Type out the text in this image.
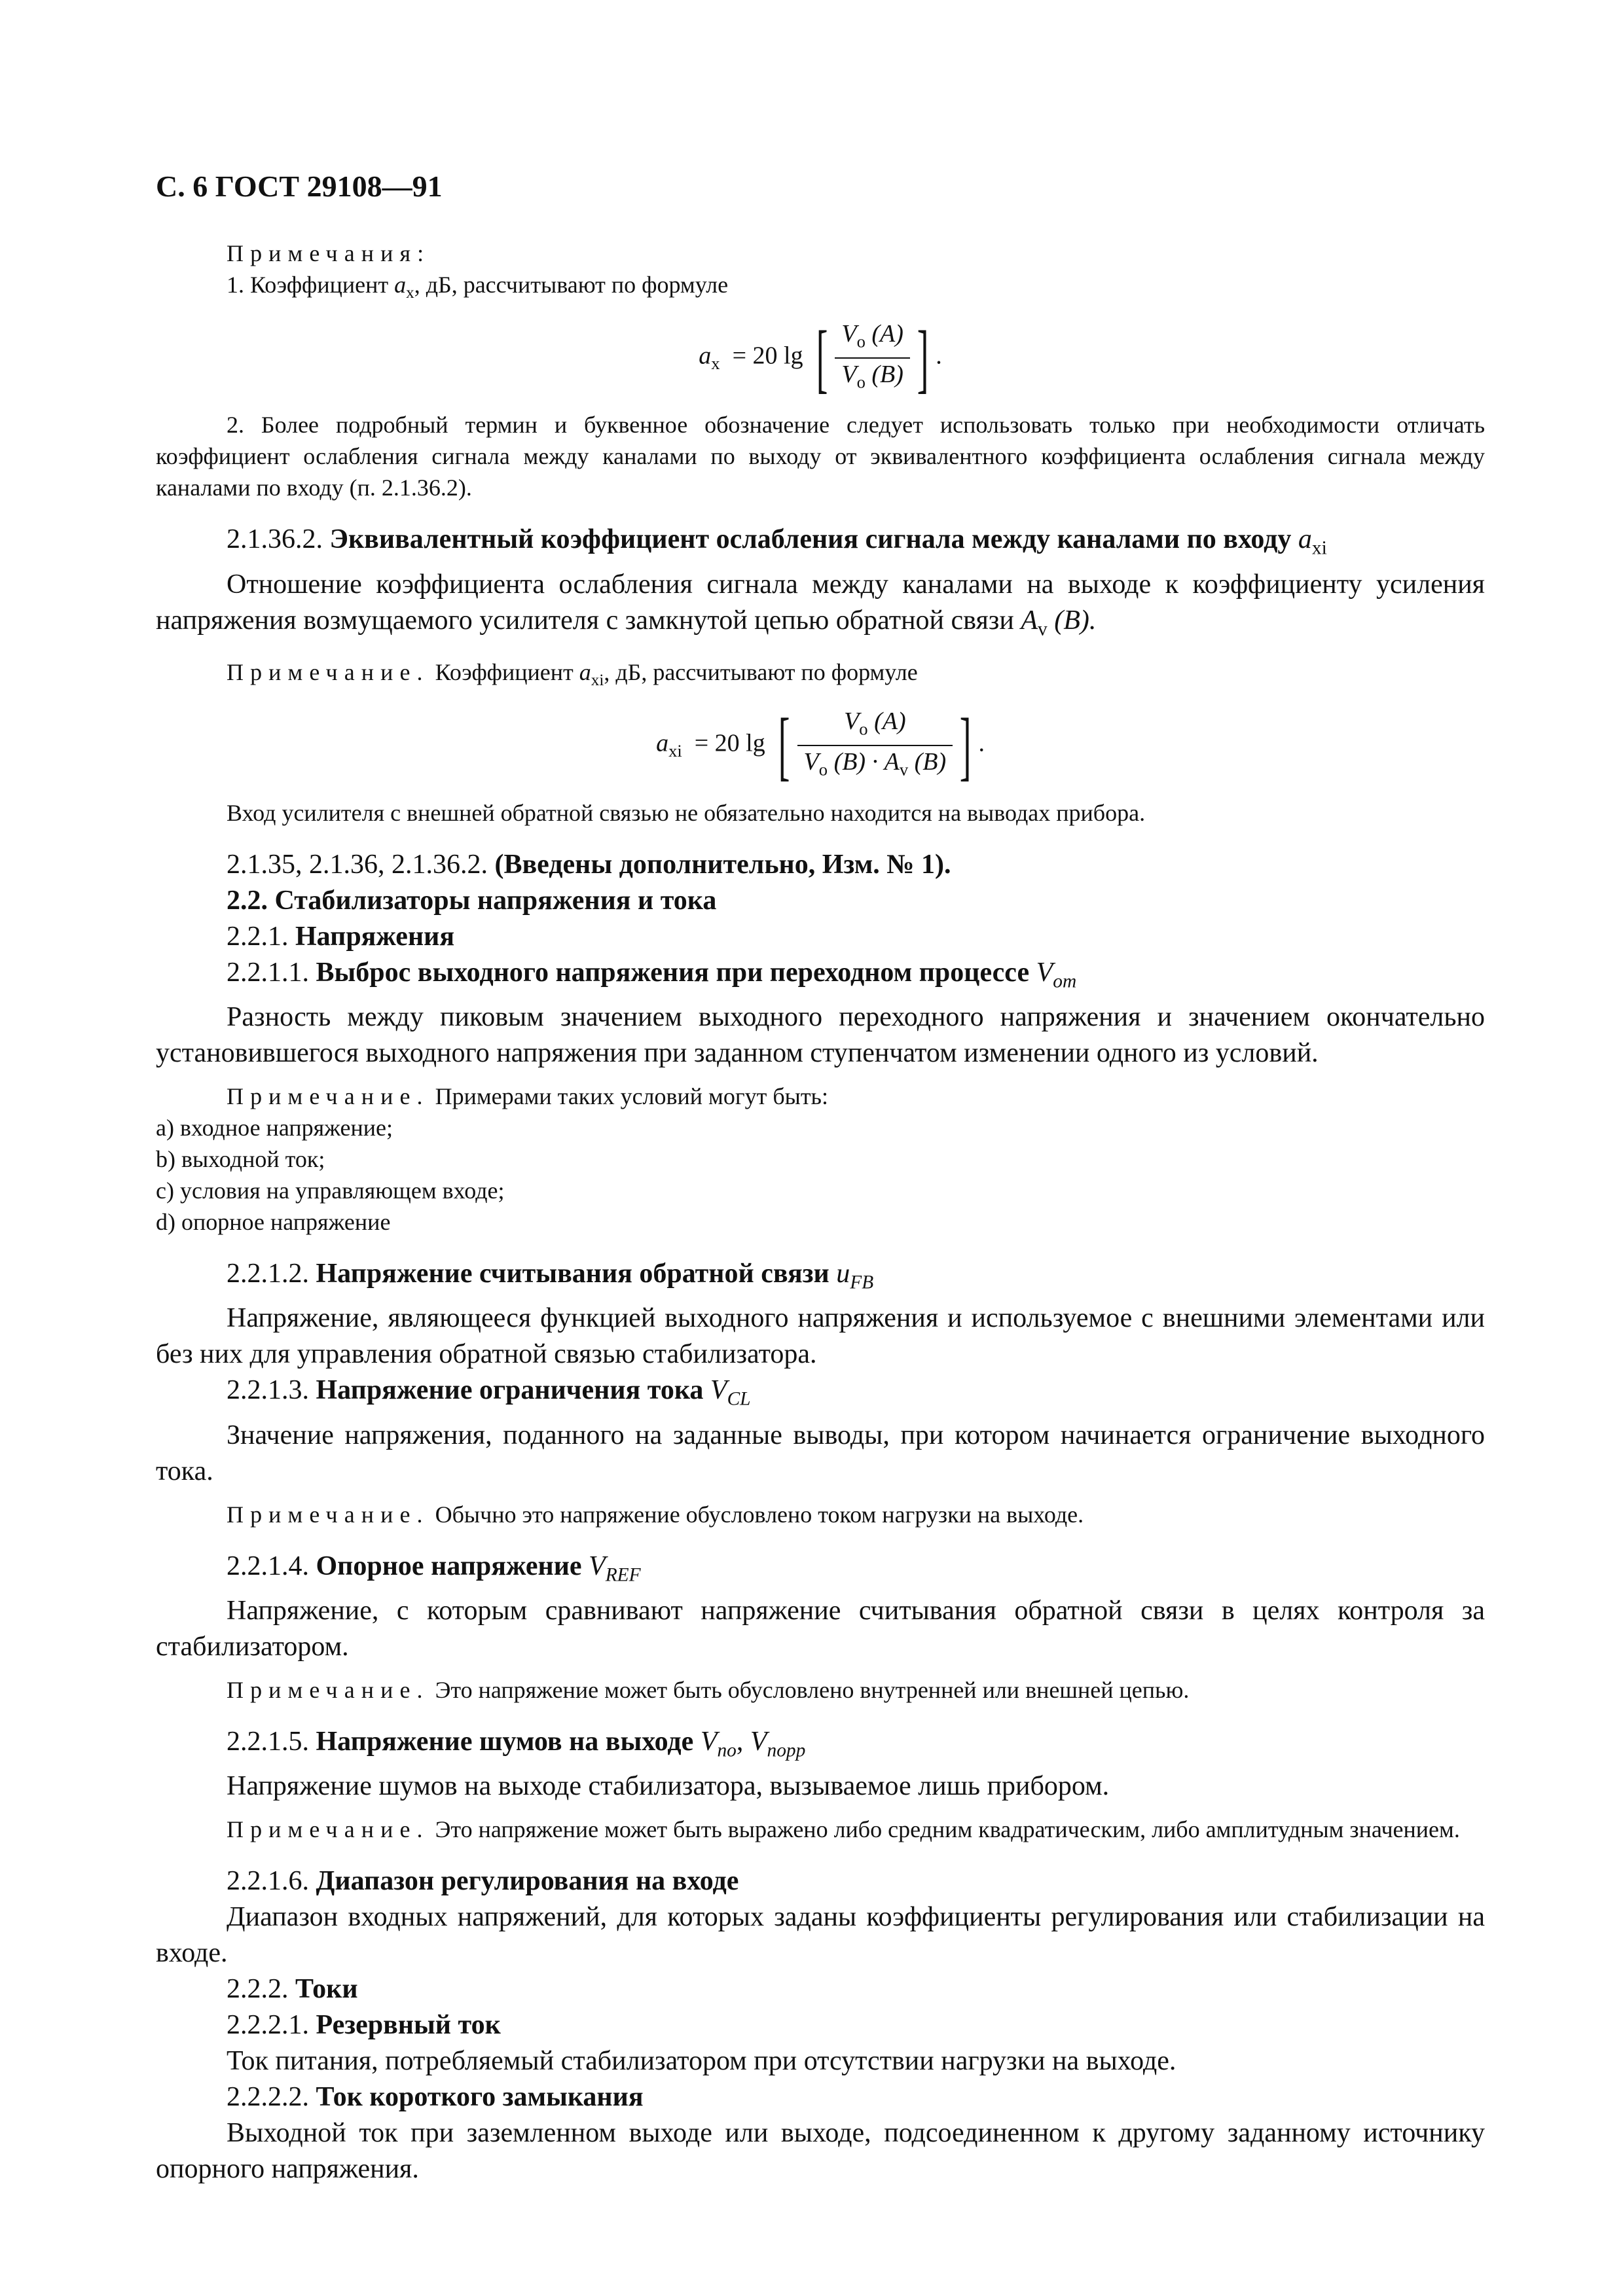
С. 6 ГОСТ 29108—91

Примечания:

1. Коэффициент $a_x$, дБ, рассчитывают по формуле

$a_x = 20$ lg [ $\frac{V_o (A)}{V_o (B)}$ ] .

2. Более подробный термин и буквенное обозначение следует использовать только при необходимости отличать коэффициент ослабления сигнала между каналами по выходу от эквивалентного коэффициента ослабления сигнала между каналами по входу (п. 2.1.36.2).

2.1.36.2. Эквивалентный коэффициент ослабления сигнала между каналами по входу $a_{xi}$

Отношение коэффициента ослабления сигнала между каналами на выходе к коэффициенту усиления напряжения возмущаемого усилителя с замкнутой цепью обратной связи $A_v$ (B).

Примечание. Коэффициент $a_{xi}$, дБ, рассчитывают по формуле

$a_{xi} = 20$ lg [ $\frac{V_o (A)}{V_o (B) \cdot A_v (B)}$ ] .

Вход усилителя с внешней обратной связью не обязательно находится на выводах прибора.

2.1.35, 2.1.36, 2.1.36.2. (Введены дополнительно, Изм. № 1).

2.2. Стабилизаторы напряжения и тока

2.2.1. Напряжения

2.2.1.1. Выброс выходного напряжения при переходном процессе $V_{om}$

Разность между пиковым значением выходного переходного напряжения и значением окончательно установившегося выходного напряжения при заданном ступенчатом изменении одного из условий.

Примечание. Примерами таких условий могут быть:

a) входное напряжение;

b) выходной ток;

c) условия на управляющем входе;

d) опорное напряжение

2.2.1.2. Напряжение считывания обратной связи $u_{FB}$

Напряжение, являющееся функцией выходного напряжения и используемое с внешними элементами или без них для управления обратной связью стабилизатора.

2.2.1.3. Напряжение ограничения тока $V_{CL}$

Значение напряжения, поданного на заданные выводы, при котором начинается ограничение выходного тока.

Примечание. Обычно это напряжение обусловлено током нагрузки на выходе.

2.2.1.4. Опорное напряжение $V_{REF}$

Напряжение, с которым сравнивают напряжение считывания обратной связи в целях контроля за стабилизатором.

Примечание. Это напряжение может быть обусловлено внутренней или внешней цепью.

2.2.1.5. Напряжение шумов на выходе $V_{no}$, $V_{nopp}$

Напряжение шумов на выходе стабилизатора, вызываемое лишь прибором.

Примечание. Это напряжение может быть выражено либо средним квадратическим, либо амплитудным значением.

2.2.1.6. Диапазон регулирования на входе

Диапазон входных напряжений, для которых заданы коэффициенты регулирования или стабилизации на входе.

2.2.2. Токи

2.2.2.1. Резервный ток

Ток питания, потребляемый стабилизатором при отсутствии нагрузки на выходе.

2.2.2.2. Ток короткого замыкания

Выходной ток при заземленном выходе или выходе, подсоединенном к другому заданному источнику опорного напряжения.
